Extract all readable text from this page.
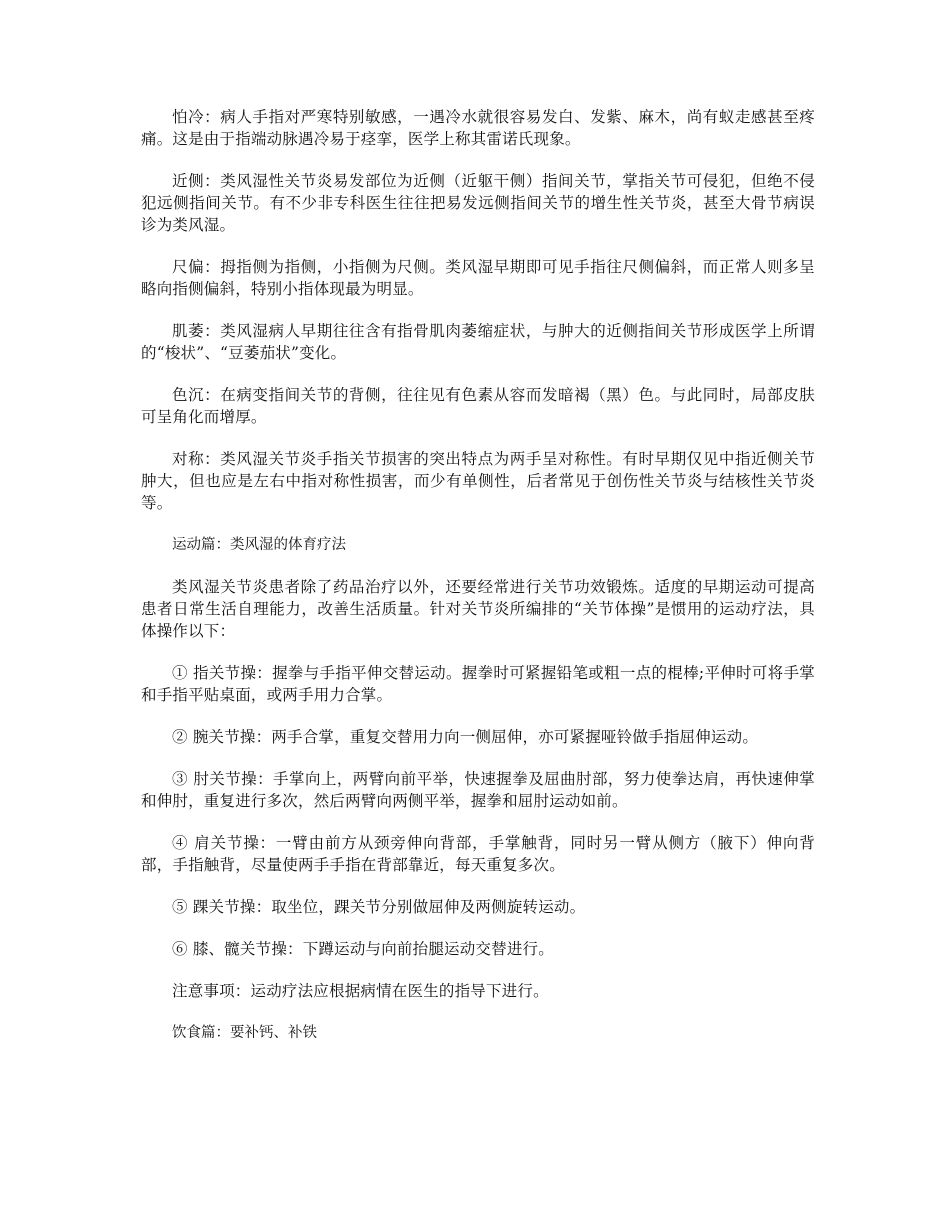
怕冷：病人手指对严寒特别敏感，一遇冷水就很容易发白、发紫、麻木，尚有蚁走感甚至疼痛。这是由于指端动脉遇冷易于痉挛，医学上称其雷诺氏现象。

近侧：类风湿性关节炎易发部位为近侧（近躯干侧）指间关节，掌指关节可侵犯，但绝不侵犯远侧指间关节。有不少非专科医生往往把易发远侧指间关节的增生性关节炎，甚至大骨节病误诊为类风湿。

尺偏：拇指侧为指侧，小指侧为尺侧。类风湿早期即可见手指往尺侧偏斜，而正常人则多呈略向指侧偏斜，特别小指体现最为明显。

肌萎：类风湿病人早期往往含有指骨肌肉萎缩症状，与肿大的近侧指间关节形成医学上所谓的“梭状”、“豆萎茄状”变化。

色沉：在病变指间关节的背侧，往往见有色素从容而发暗褐（黑）色。与此同时，局部皮肤可呈角化而增厚。

对称：类风湿关节炎手指关节损害的突出特点为两手呈对称性。有时早期仅见中指近侧关节肿大，但也应是左右中指对称性损害，而少有单侧性，后者常见于创伤性关节炎与结核性关节炎等。

运动篇：类风湿的体育疗法

类风湿关节炎患者除了药品治疗以外，还要经常进行关节功效锻炼。适度的早期运动可提高患者日常生活自理能力，改善生活质量。针对关节炎所编排的“关节体操”是惯用的运动疗法，具体操作以下：

① 指关节操：握拳与手指平伸交替运动。握拳时可紧握铅笔或粗一点的棍棒;平伸时可将手掌和手指平贴桌面，或两手用力合掌。

② 腕关节操：两手合掌，重复交替用力向一侧屈伸，亦可紧握哑铃做手指屈伸运动。

③ 肘关节操：手掌向上，两臂向前平举，快速握拳及屈曲肘部，努力使拳达肩，再快速伸掌和伸肘，重复进行多次，然后两臂向两侧平举，握拳和屈肘运动如前。

④ 肩关节操：一臂由前方从颈旁伸向背部，手掌触背，同时另一臂从侧方（腋下）伸向背部，手指触背，尽量使两手手指在背部靠近，每天重复多次。

⑤ 踝关节操：取坐位，踝关节分别做屈伸及两侧旋转运动。

⑥ 膝、髋关节操：下蹲运动与向前抬腿运动交替进行。

注意事项：运动疗法应根据病情在医生的指导下进行。

饮食篇：要补钙、补铁
